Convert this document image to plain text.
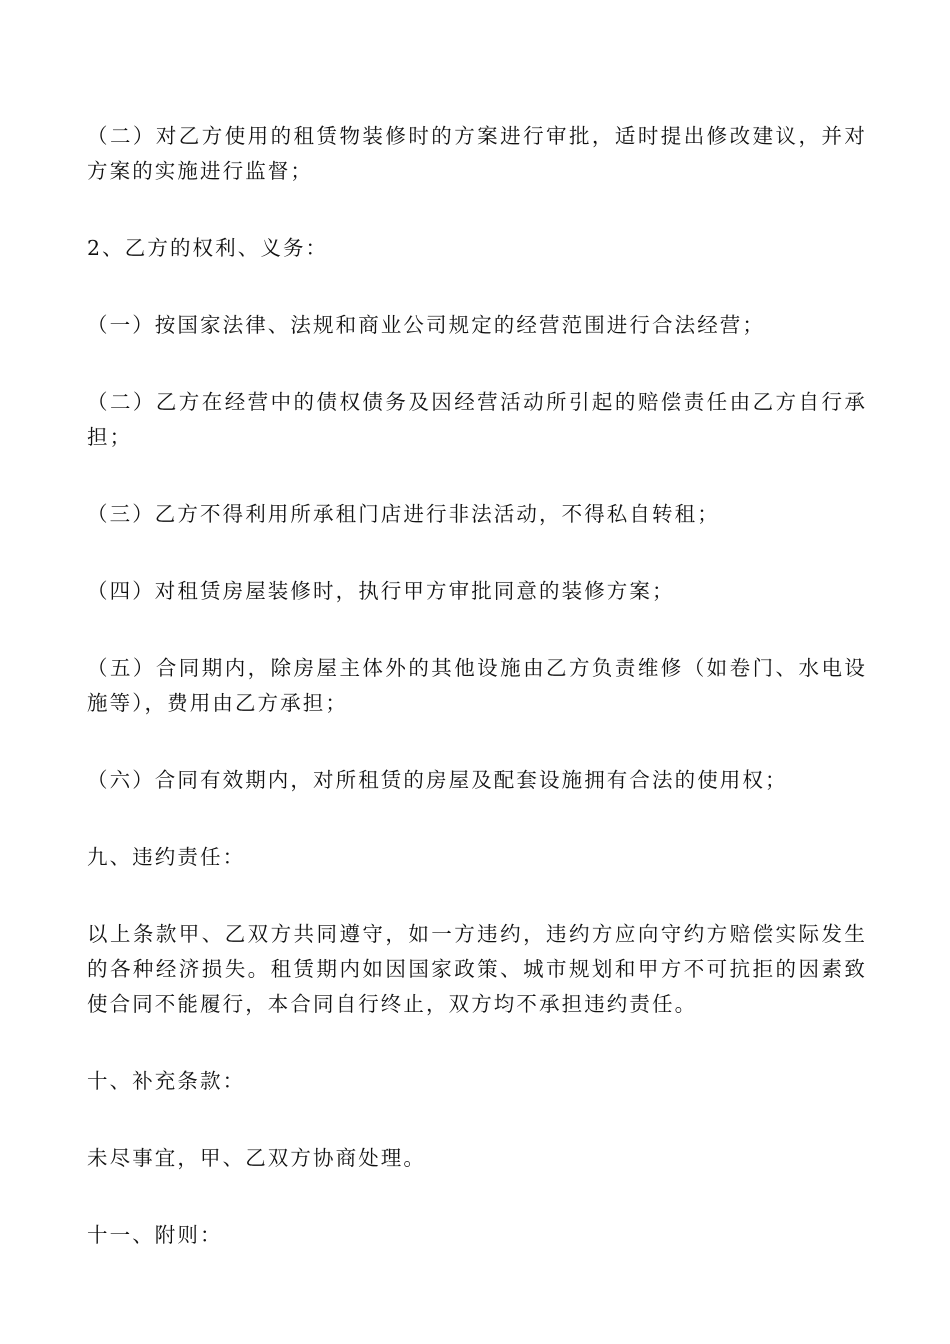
（二）对乙方使用的租赁物装修时的方案进行审批，适时提出修改建议，并对方案的实施进行监督；

2、乙方的权利、义务：

（一）按国家法律、法规和商业公司规定的经营范围进行合法经营；

（二）乙方在经营中的债权债务及因经营活动所引起的赔偿责任由乙方自行承担；

（三）乙方不得利用所承租门店进行非法活动，不得私自转租；

（四）对租赁房屋装修时，执行甲方审批同意的装修方案；

（五）合同期内，除房屋主体外的其他设施由乙方负责维修（如卷门、水电设施等），费用由乙方承担；

（六）合同有效期内，对所租赁的房屋及配套设施拥有合法的使用权；

九、违约责任：

以上条款甲、乙双方共同遵守，如一方违约，违约方应向守约方赔偿实际发生的各种经济损失。租赁期内如因国家政策、城市规划和甲方不可抗拒的因素致使合同不能履行，本合同自行终止，双方均不承担违约责任。

十、补充条款：

未尽事宜，甲、乙双方协商处理。

十一、附则：
